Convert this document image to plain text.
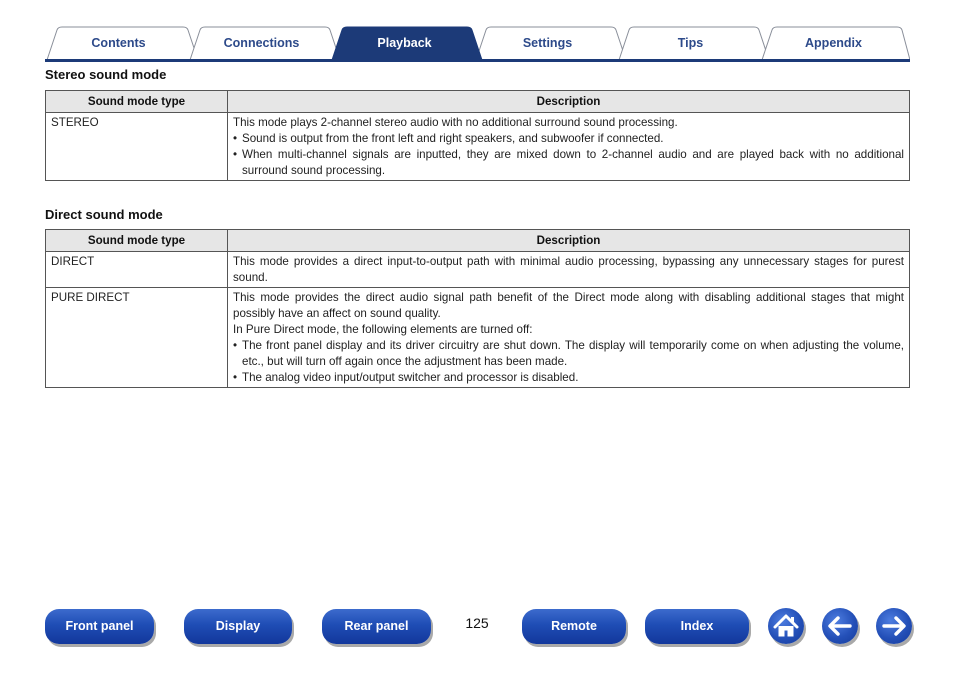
Contents	Connections	Playback	Settings	Tips	Appendix
Stereo sound mode
Sound mode type	Description
STEREO	This mode plays 2-channel stereo audio with no additional surround sound processing.
• Sound is output from the front left and right speakers, and subwoofer if connected.
• When multi-channel signals are inputted, they are mixed down to 2-channel audio and are played back with no additional surround sound processing.
Direct sound mode
Sound mode type	Description
DIRECT	This mode provides a direct input-to-output path with minimal audio processing, bypassing any unnecessary stages for purest sound.

PURE DIRECT	This mode provides the direct audio signal path benefit of the Direct mode along with disabling additional stages that might possibly have an affect on sound quality.
In Pure Direct mode, the following elements are turned off:
• The front panel display and its driver circuitry are shut down. The display will temporarily come on when adjusting the volume, etc., but will turn off again once the adjustment has been made.
• The analog video input/output switcher and processor is disabled.
Front panel	Display	Rear panel	125	Remote	Index
